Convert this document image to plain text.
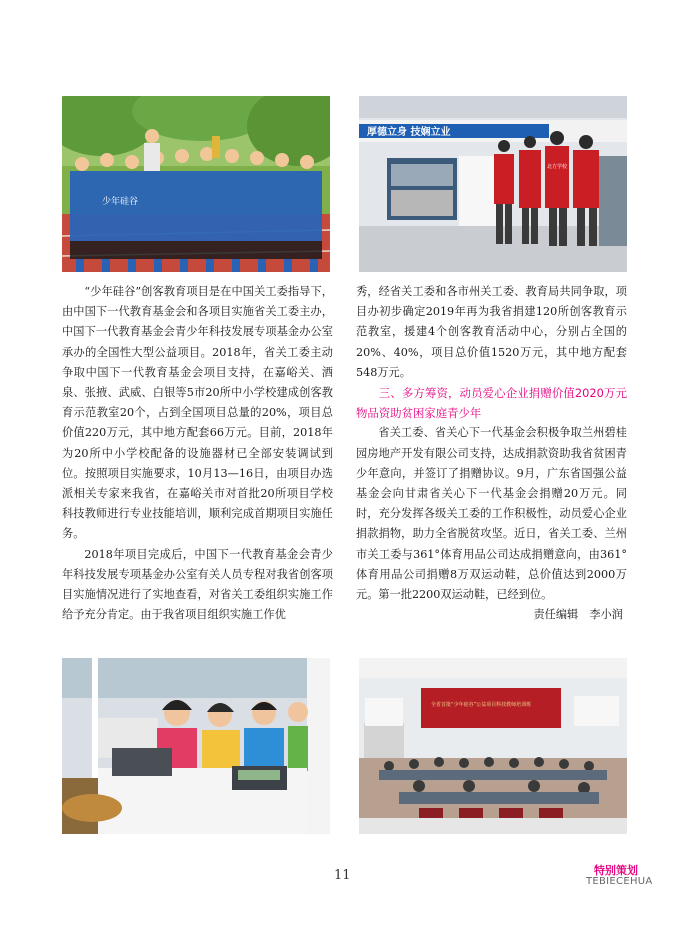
少年硅谷
厚德立身 技娴立业
北方学校

“少年硅谷”创客教育项目是在中国关工委指导下，由中国下一代教育基金会和各项目实施省关工委主办，中国下一代教育基金会青少年科技发展专项基金办公室承办的全国性大型公益项目。2018年，省关工委主动争取中国下一代教育基金会项目支持，在嘉峪关、酒泉、张掖、武威、白银等5市20所中小学校建成创客教育示范教室20个，占到全国项目总量的20%，项目总价值220万元，其中地方配套66万元。目前，2018年为20所中小学校配备的设施器材已全部安装调试到位。按照项目实施要求，10月13—16日，由项目办选派相关专家来我省，在嘉峪关市对首批20所项目学校科技教师进行专业技能培训，顺利完成首期项目实施任务。

2018年项目完成后，中国下一代教育基金会青少年科技发展专项基金办公室有关人员专程对我省创客项目实施情况进行了实地查看，对省关工委组织实施工作给予充分肯定。由于我省项目组织实施工作优

秀，经省关工委和各市州关工委、教育局共同争取，项目办初步确定2019年再为我省捐建120所创客教育示范教室，援建4个创客教育活动中心，分别占全国的20%、40%，项目总价值1520万元，其中地方配套548万元。

三、多方筹资，动员爱心企业捐赠价值2020万元物品资助贫困家庭青少年

省关工委、省关心下一代基金会积极争取兰州碧桂园房地产开发有限公司支持，达成捐款资助我省贫困青少年意向，并签订了捐赠协议。9月，广东省国强公益基金会向甘肃省关心下一代基金会捐赠20万元。同时，充分发挥各级关工委的工作积极性，动员爱心企业捐款捐物，助力全省脱贫攻坚。近日，省关工委、兰州市关工委与361°体育用品公司达成捐赠意向，由361°体育用品公司捐赠8万双运动鞋，总价值达到2000万元。第一批2200双运动鞋，已经到位。

责任编辑　李小润

全省首批“少年硅谷”公益项目科技教师培训班
11	特别策划
TEBIECEHUA
